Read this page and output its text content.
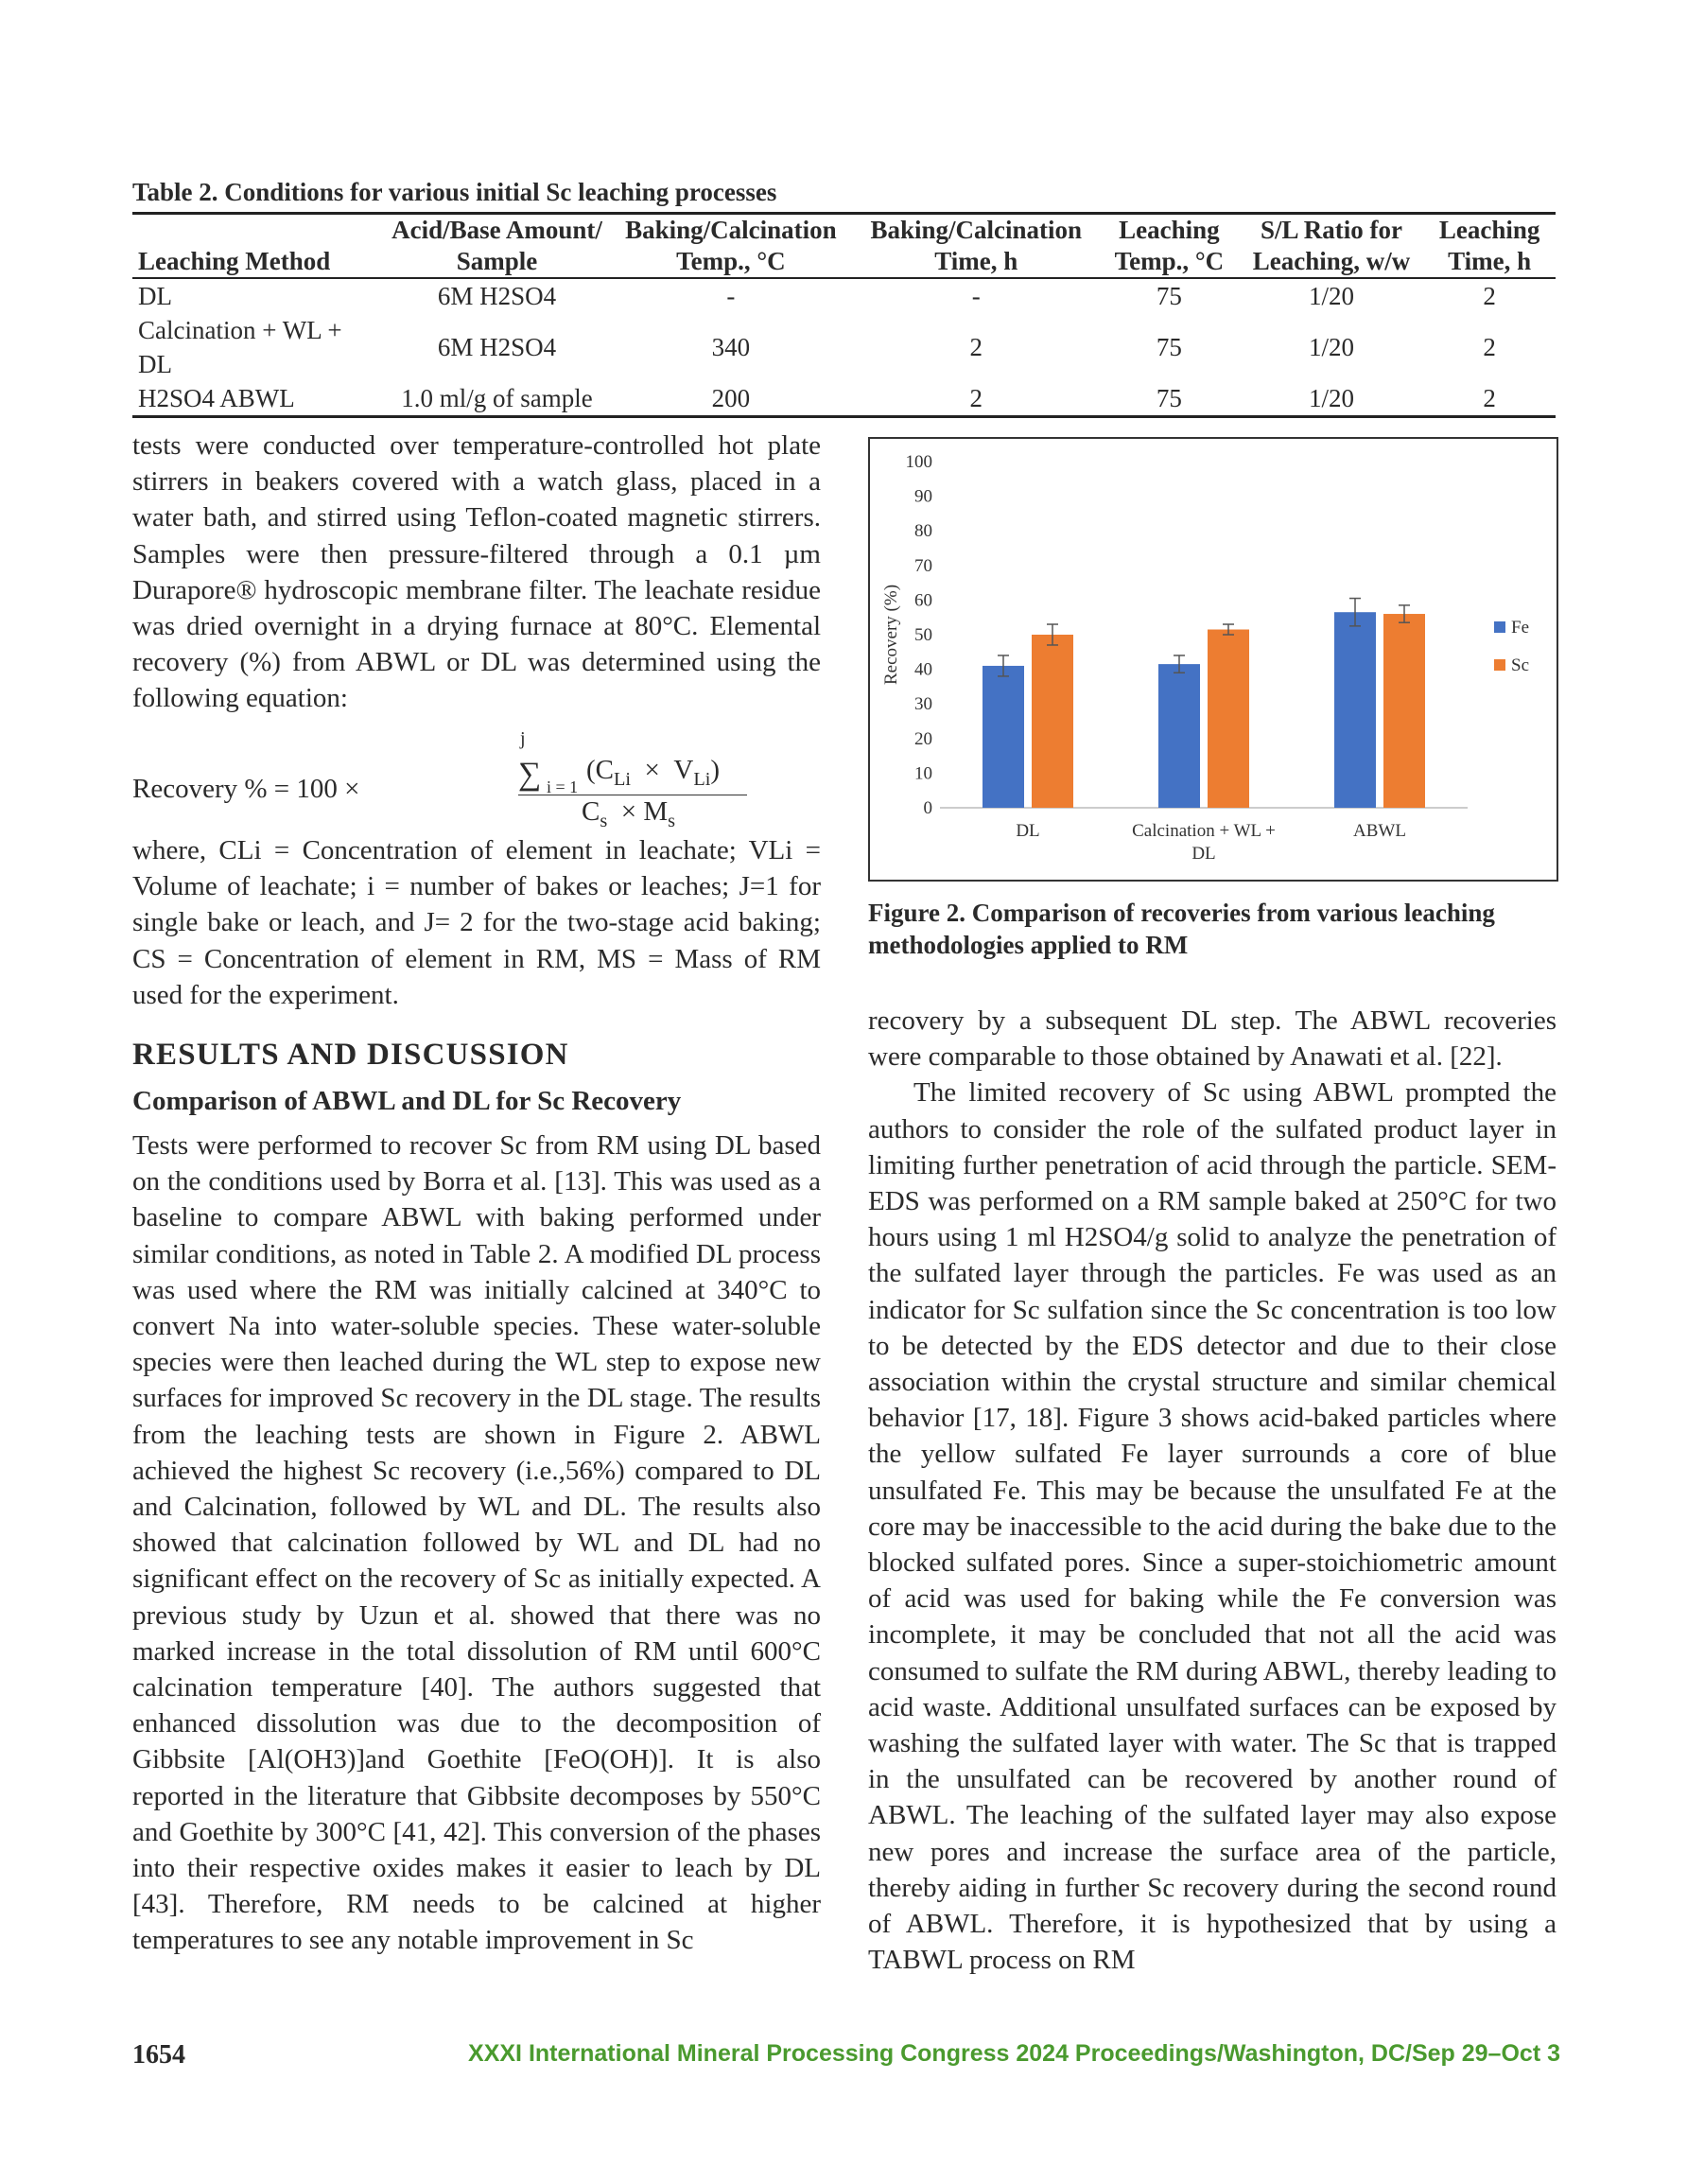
Table 2. Conditions for various initial Sc leaching processes
Leaching Method	Acid/Base Amount/ Sample	Baking/Calcination Temp., °C	Baking/Calcination Time, h	Leaching Temp., °C	S/L Ratio for Leaching, w/w	Leaching Time, h
DL	6M H2SO4	-	-	75	1/20	2
Calcination + WL + DL	6M H2SO4	340	2	75	1/20	2
H2SO4 ABWL	1.0 ml/g of sample	200	2	75	1/20	2

tests were conducted over temperature-controlled hot plate stirrers in beakers covered with a watch glass, placed in a water bath, and stirred using Teflon-coated magnetic stirrers. Samples were then pressure-filtered through a 0.1 µm Durapore® hydroscopic membrane filter. The leachate residue was dried overnight in a drying furnace at 80°C. Elemental recovery (%) from ABWL or DL was determined using the following equation:

Recovery % = 100 ×
j
∑ i = 1
$(C_{Li} \times V_{Li})$
$C_s \times M_s$

where, CLi = Concentration of element in leachate; VLi = Volume of leachate; i = number of bakes or leaches; J=1 for single bake or leach, and J= 2 for the two-stage acid baking; CS = Concentration of element in RM, MS = Mass of RM used for the experiment.

RESULTS AND DISCUSSION
Comparison of ABWL and DL for Sc Recovery

Tests were performed to recover Sc from RM using DL based on the conditions used by Borra et al. [13]. This was used as a baseline to compare ABWL with baking performed under similar conditions, as noted in Table 2. A modified DL process was used where the RM was initially calcined at 340°C to convert Na into water-soluble species. These water-soluble species were then leached during the WL step to expose new surfaces for improved Sc recovery in the DL stage. The results from the leaching tests are shown in Figure 2. ABWL achieved the highest Sc recovery (i.e.,56%) compared to DL and Calcination, followed by WL and DL. The results also showed that calcination followed by WL and DL had no significant effect on the recovery of Sc as initially expected. A previous study by Uzun et al. showed that there was no marked increase in the total dissolution of RM until 600°C calcination temperature [40]. The authors suggested that enhanced dissolution was due to the decomposition of Gibbsite [Al(OH3)]and Goethite [FeO(OH)]. It is also reported in the literature that Gibbsite decomposes by 550°C and Goethite by 300°C [41, 42]. This conversion of the phases into their respective oxides makes it easier to leach by DL [43]. Therefore, RM needs to be calcined at higher temperatures to see any notable improvement in Sc

0
10
20
30
40
50
60
70
80
90
100
Recovery (%)
DL	Calcination + WL +
DL
ABWL
Fe
Sc
Figure 2. Comparison of recoveries from various leaching methodologies applied to RM

recovery by a subsequent DL step. The ABWL recoveries were comparable to those obtained by Anawati et al. [22].

The limited recovery of Sc using ABWL prompted the authors to consider the role of the sulfated product layer in limiting further penetration of acid through the particle. SEM-EDS was performed on a RM sample baked at 250°C for two hours using 1 ml H2SO4/g solid to analyze the penetration of the sulfated layer through the particles. Fe was used as an indicator for Sc sulfation since the Sc concentration is too low to be detected by the EDS detector and due to their close association within the crystal structure and similar chemical behavior [17, 18]. Figure 3 shows acid-baked particles where the yellow sulfated Fe layer surrounds a core of blue unsulfated Fe. This may be because the unsulfated Fe at the core may be inaccessible to the acid during the bake due to the blocked sulfated pores. Since a super-stoichiometric amount of acid was used for baking while the Fe conversion was incomplete, it may be concluded that not all the acid was consumed to sulfate the RM during ABWL, thereby leading to acid waste. Additional unsulfated surfaces can be exposed by washing the sulfated layer with water. The Sc that is trapped in the unsulfated can be recovered by another round of ABWL. The leaching of the sulfated layer may also expose new pores and increase the surface area of the particle, thereby aiding in further Sc recovery during the second round of ABWL. Therefore, it is hypothesized that by using a TABWL process on RM

1654	XXXI International Mineral Processing Congress 2024 Proceedings/Washington, DC/Sep 29–Oct 3
